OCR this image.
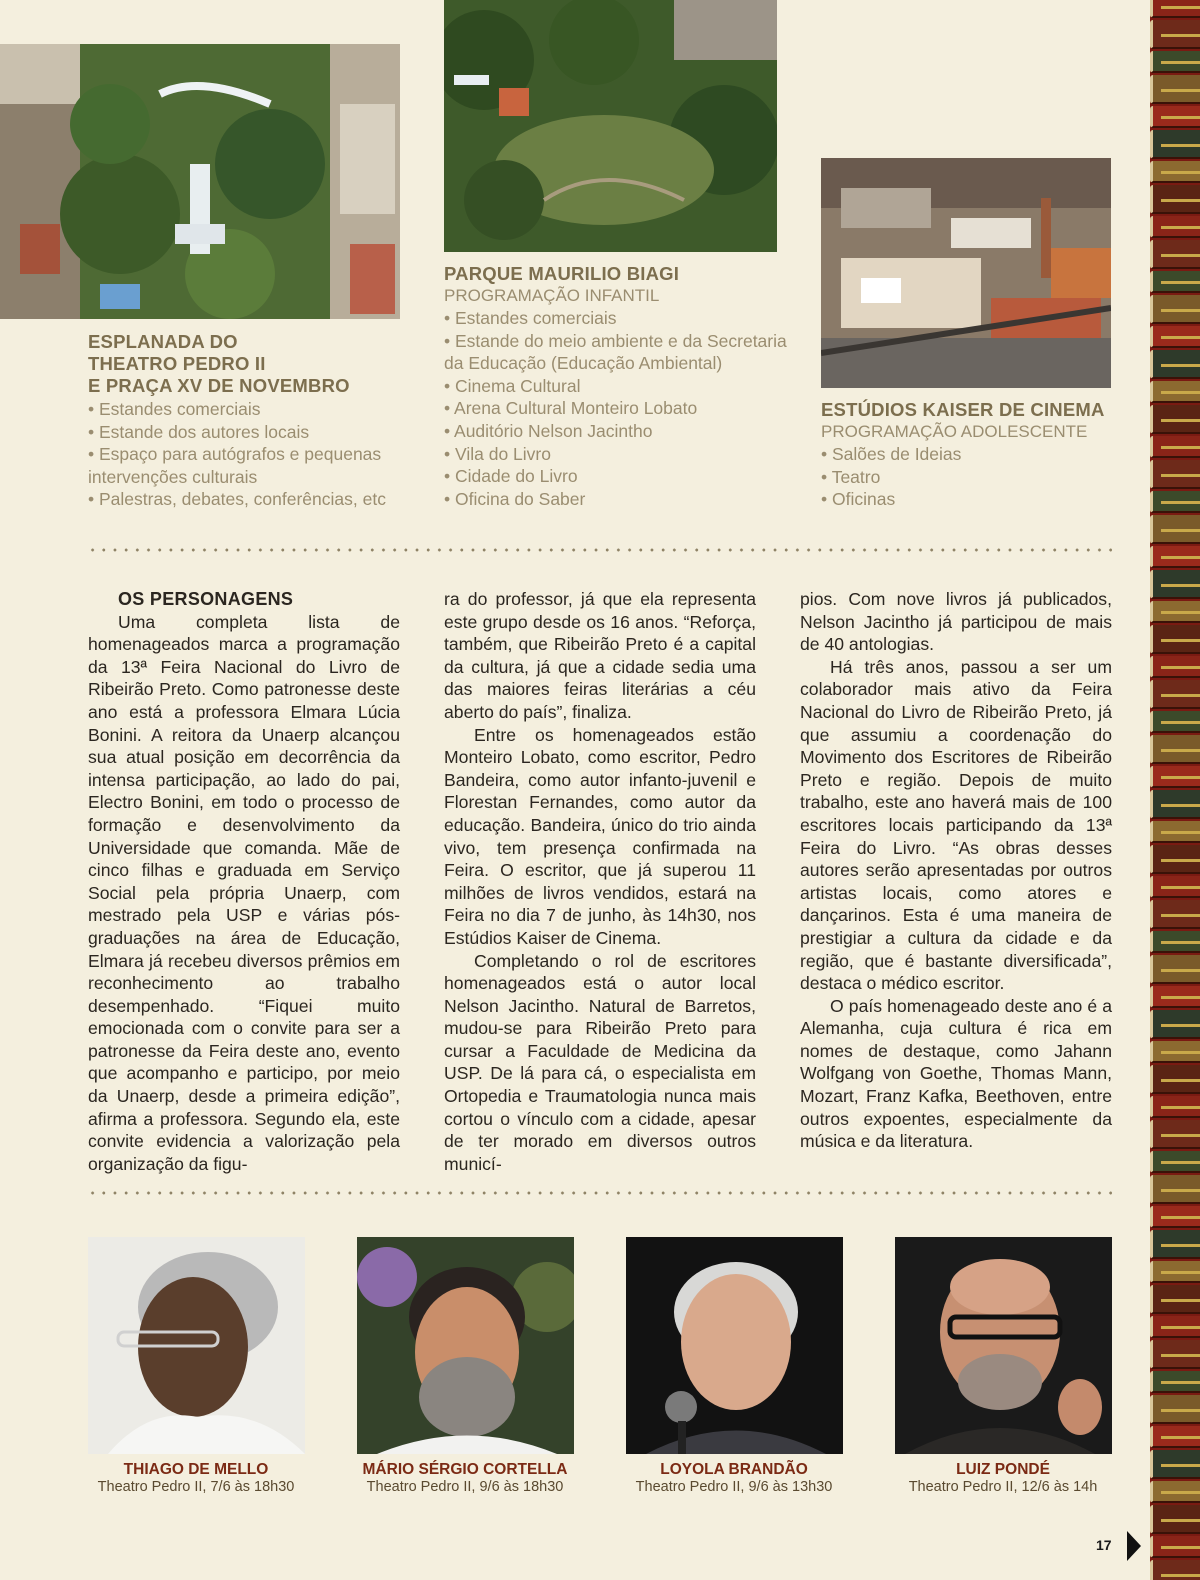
ESPLANADA DO
THEATRO PEDRO II
E PRAÇA XV DE NOVEMBRO
• Estandes comerciais
• Estande dos autores locais
• Espaço para autógrafos e pequenas intervenções culturais
• Palestras, debates, conferências, etc
PARQUE MAURILIO BIAGI
PROGRAMAÇÃO INFANTIL
• Estandes comerciais
• Estande do meio ambiente e da Secretaria da Educação (Educação Ambiental)
• Cinema Cultural
• Arena Cultural Monteiro Lobato
• Auditório Nelson Jacintho
• Vila do Livro
• Cidade do Livro
• Oficina do Saber
ESTÚDIOS KAISER DE CINEMA
PROGRAMAÇÃO ADOLESCENTE
• Salões de Ideias
• Teatro
• Oficinas
OS PERSONAGENS

Uma completa lista de homenageados marca a programação da 13ª Feira Nacional do Livro de Ribeirão Preto. Como patronesse deste ano está a professora Elmara Lúcia Bonini. A reitora da Unaerp alcançou sua atual posição em decorrência da intensa participação, ao lado do pai, Electro Bonini, em todo o processo de formação e desenvolvimento da Universidade que comanda. Mãe de cinco filhas e graduada em Serviço Social pela própria Unaerp, com mestrado pela USP e várias pós-graduações na área de Educação, Elmara já recebeu diversos prêmios em reconhecimento ao trabalho desempenhado. “Fiquei muito emocionada com o convite para ser a patronesse da Feira deste ano, evento que acompanho e participo, por meio da Unaerp, desde a primeira edição”, afirma a professora. Segundo ela, este convite evidencia a valorização pela organização da figu-

ra do professor, já que ela representa este grupo desde os 16 anos. “Reforça, também, que Ribeirão Preto é a capital da cultura, já que a cidade sedia uma das maiores feiras literárias a céu aberto do país”, finaliza.

Entre os homenageados estão Monteiro Lobato, como escritor, Pedro Bandeira, como autor infanto-juvenil e Florestan Fernandes, como autor da educação. Bandeira, único do trio ainda vivo, tem presença confirmada na Feira. O escritor, que já superou 11 milhões de livros vendidos, estará na Feira no dia 7 de junho, às 14h30, nos Estúdios Kaiser de Cinema.

Completando o rol de escritores homenageados está o autor local Nelson Jacintho. Natural de Barretos, mudou-se para Ribeirão Preto para cursar a Faculdade de Medicina da USP. De lá para cá, o especialista em Ortopedia e Traumatologia nunca mais cortou o vínculo com a cidade, apesar de ter morado em diversos outros municí-

pios. Com nove livros já publicados, Nelson Jacintho já participou de mais de 40 antologias.

Há três anos, passou a ser um colaborador mais ativo da Feira Nacional do Livro de Ribeirão Preto, já que assumiu a coordenação do Movimento dos Escritores de Ribeirão Preto e região. Depois de muito trabalho, este ano haverá mais de 100 escritores locais participando da 13ª Feira do Livro. “As obras desses autores serão apresentadas por outros artistas locais, como atores e dançarinos. Esta é uma maneira de prestigiar a cultura da cidade e da região, que é bastante diversificada”, destaca o médico escritor.

O país homenageado deste ano é a Alemanha, cuja cultura é rica em nomes de destaque, como Jahann Wolfgang von Goethe, Thomas Mann, Mozart, Franz Kafka, Beethoven, entre outros expoentes, especialmente da música e da literatura.

THIAGO DE MELLO
Theatro Pedro II, 7/6 às 18h30
MÁRIO SÉRGIO CORTELLA
Theatro Pedro II, 9/6 às 18h30
LOYOLA BRANDÃO
Theatro Pedro II, 9/6 às 13h30
LUIZ PONDÉ
Theatro Pedro II, 12/6 às 14h
17
